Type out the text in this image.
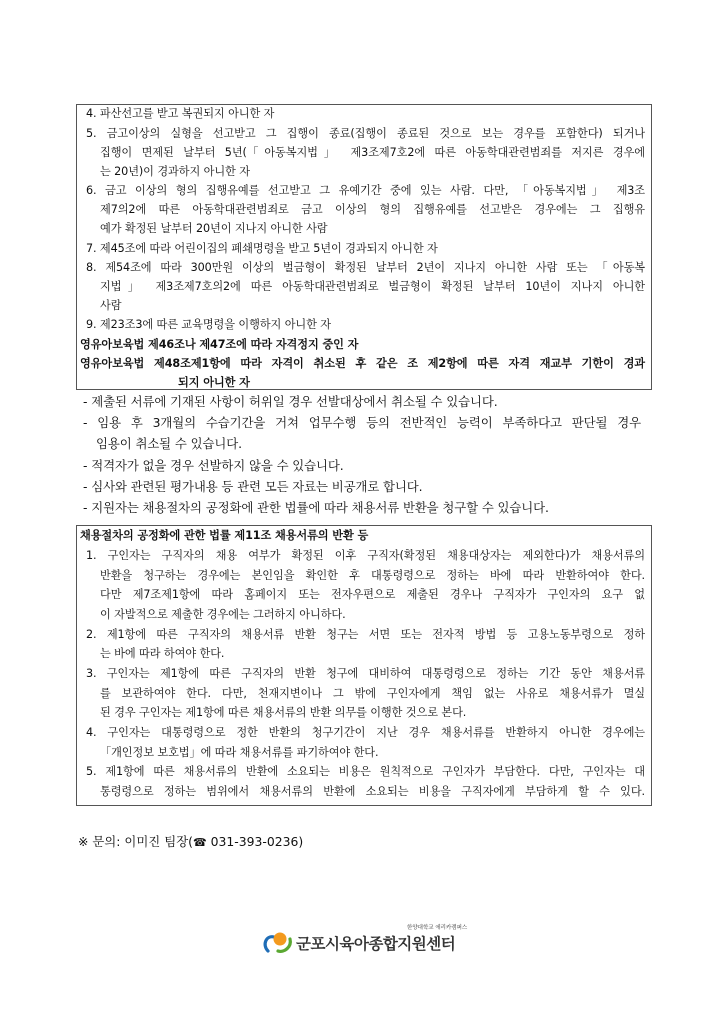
4. 파산선고를 받고 복권되지 아니한 자
5. 금고이상의 실형을 선고받고 그 집행이 종료(집행이 종료된 것으로 보는 경우를 포함한다) 되거나
집행이 면제된 날부터 5년(「아동복지법」 제3조제7호2에 따른 아동학대관련범죄를 저지른 경우에
는 20년)이 경과하지 아니한 자
6. 금고 이상의 형의 집행유예를 선고받고 그 유예기간 중에 있는 사람. 다만, 「아동복지법」 제3조
제7의2에 따른 아동학대관련범죄로 금고 이상의 형의 집행유예를 선고받은 경우에는 그 집행유
예가 확정된 날부터 20년이 지나지 아니한 사람
7. 제45조에 따라 어린이집의 폐쇄명령을 받고 5년이 경과되지 아니한 자
8. 제54조에 따라 300만원 이상의 벌금형이 확정된 날부터 2년이 지나지 아니한 사람 또는 「아동복
지법」 제3조제7호의2에 따른 아동학대관련범죄로 벌금형이 확정된 날부터 10년이 지나지 아니한
사람
9. 제23조3에 따른 교육명령을 이행하지 아니한 자
영유아보육법 제46조나 제47조에 따라 자격정지 중인 자
영유아보육법 제48조제1항에 따라 자격이 취소된 후 같은 조 제2항에 따른 자격 재교부 기한이 경과
되지 아니한 자
- 제출된 서류에 기재된 사항이 허위일 경우 선발대상에서 취소될 수 있습니다.
- 임용 후 3개월의 수습기간을 거쳐 업무수행 등의 전반적인 능력이 부족하다고 판단될 경우
임용이 취소될 수 있습니다.
- 적격자가 없을 경우 선발하지 않을 수 있습니다.
- 심사와 관련된 평가내용 등 관련 모든 자료는 비공개로 합니다.
- 지원자는 채용절차의 공정화에 관한 법률에 따라 채용서류 반환을 청구할 수 있습니다.
채용절차의 공정화에 관한 법률 제11조 채용서류의 반환 등
1. 구인자는 구직자의 채용 여부가 확정된 이후 구직자(확정된 채용대상자는 제외한다)가 채용서류의
반환을 청구하는 경우에는 본인임을 확인한 후 대통령령으로 정하는 바에 따라 반환하여야 한다.
다만 제7조제1항에 따라 홈페이지 또는 전자우편으로 제출된 경우나 구직자가 구인자의 요구 없
이 자발적으로 제출한 경우에는 그러하지 아니하다.
2. 제1항에 따른 구직자의 채용서류 반환 청구는 서면 또는 전자적 방법 등 고용노동부령으로 정하
는 바에 따라 하여야 한다.
3. 구인자는 제1항에 따른 구직자의 반환 청구에 대비하여 대통령령으로 정하는 기간 동안 채용서류
를 보관하여야 한다. 다만, 천재지변이나 그 밖에 구인자에게 책임 없는 사유로 채용서류가 멸실
된 경우 구인자는 제1항에 따른 채용서류의 반환 의무를 이행한 것으로 본다.
4. 구인자는 대통령령으로 정한 반환의 청구기간이 지난 경우 채용서류를 반환하지 아니한 경우에는
「개인정보 보호법」에 따라 채용서류를 파기하여야 한다.
5. 제1항에 따른 채용서류의 반환에 소요되는 비용은 원칙적으로 구인자가 부담한다. 다만, 구인자는 대
통령령으로 정하는 범위에서 채용서류의 반환에 소요되는 비용을 구직자에게 부담하게 할 수 있다.
※ 문의: 이미진 팀장(☎ 031-393-0236)
한양대학교 에리카캠퍼스
군포시육아종합지원센터
